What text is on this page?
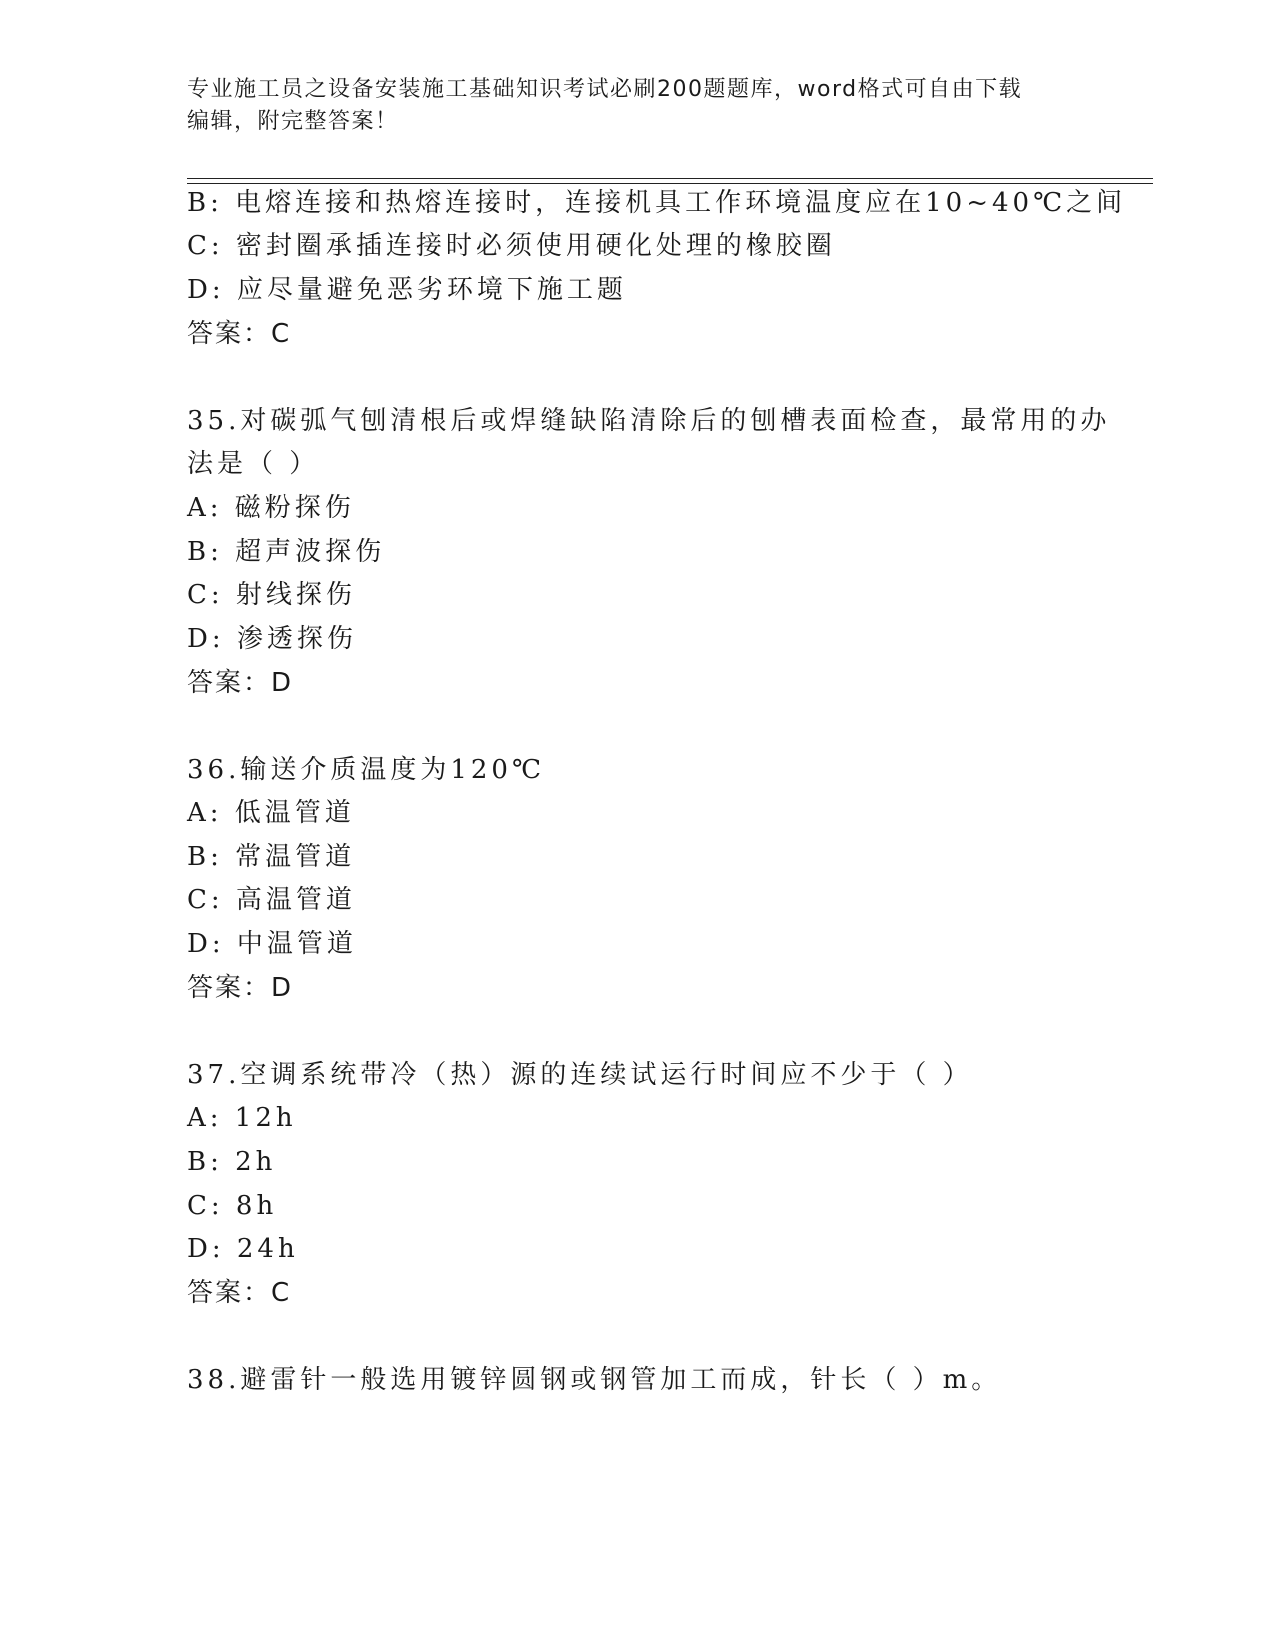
专业施工员之设备安装施工基础知识考试必刷200题题库，word格式可自由下载
编辑，附完整答案！
B: 电熔连接和热熔连接时，连接机具工作环境温度应在10~40℃之间
C: 密封圈承插连接时必须使用硬化处理的橡胶圈
D: 应尽量避免恶劣环境下施工题
答案：C
35.对碳弧气刨清根后或焊缝缺陷清除后的刨槽表面检查，最常用的办
法是（ ）
A: 磁粉探伤
B: 超声波探伤
C: 射线探伤
D: 渗透探伤
答案：D
36.输送介质温度为120℃
A: 低温管道
B: 常温管道
C: 高温管道
D: 中温管道
答案：D
37.空调系统带冷（热）源的连续试运行时间应不少于（ ）
A: 12h
B: 2h
C: 8h
D: 24h
答案：C
38.避雷针一般选用镀锌圆钢或钢管加工而成，针长（ ）m。
